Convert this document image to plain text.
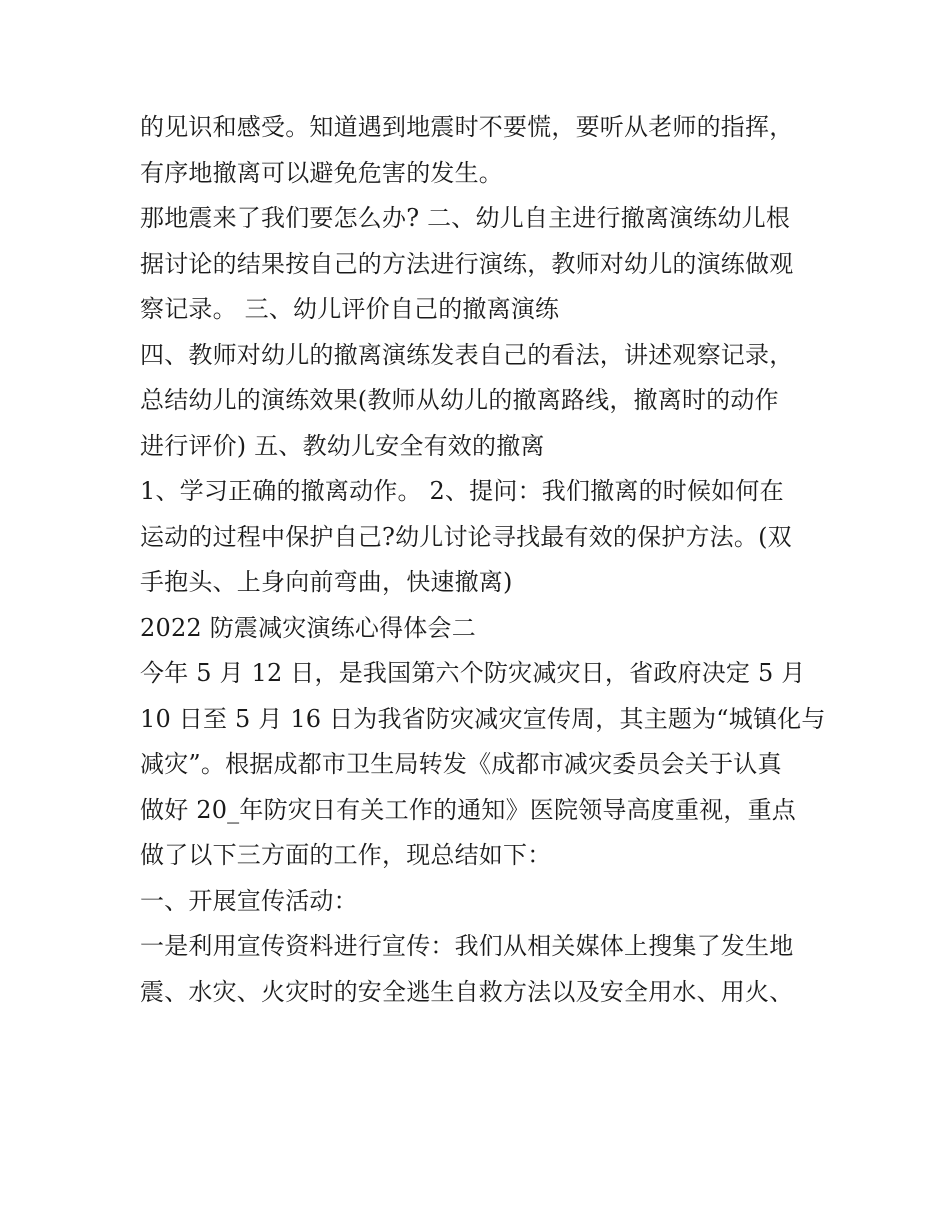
的见识和感受。知道遇到地震时不要慌，要听从老师的指挥，
有序地撤离可以避免危害的发生。
那地震来了我们要怎么办? 二、幼儿自主进行撤离演练幼儿根
据讨论的结果按自己的方法进行演练，教师对幼儿的演练做观
察记录。 三、幼儿评价自己的撤离演练
四、教师对幼儿的撤离演练发表自己的看法，讲述观察记录，
总结幼儿的演练效果(教师从幼儿的撤离路线，撤离时的动作
进行评价) 五、教幼儿安全有效的撤离
1、学习正确的撤离动作。 2、提问：我们撤离的时候如何在
运动的过程中保护自己?幼儿讨论寻找最有效的保护方法。(双
手抱头、上身向前弯曲，快速撤离)
2022 防震减灾演练心得体会二
今年 5 月 12 日，是我国第六个防灾减灾日，省政府决定 5 月
10 日至 5 月 16 日为我省防灾减灾宣传周，其主题为“城镇化与
减灾”。根据成都市卫生局转发《成都市减灾委员会关于认真
做好 20_年防灾日有关工作的通知》医院领导高度重视，重点
做了以下三方面的工作，现总结如下：
一、开展宣传活动：
一是利用宣传资料进行宣传：我们从相关媒体上搜集了发生地
震、水灾、火灾时的安全逃生自救方法以及安全用水、用火、
